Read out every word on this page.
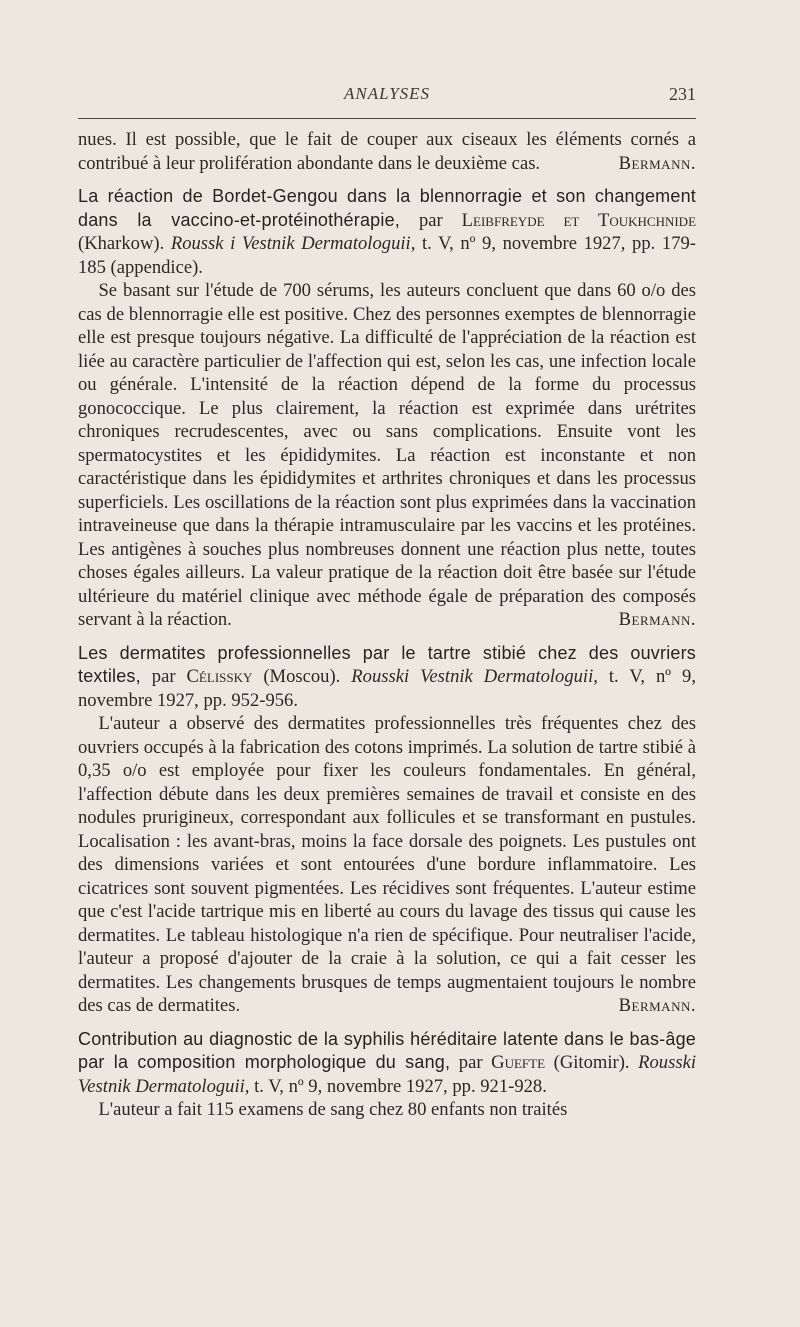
ANALYSES	231

nues. Il est possible, que le fait de couper aux ciseaux les éléments cornés a contribué à leur prolifération abondante dans le deuxième cas.	Bermann.

La réaction de Bordet-Gengou dans la blennorragie et son changement dans la vaccino-et-protéinothérapie, par Leibfreyde et Toukhchnide (Kharkow). Roussk i Vestnik Dermatologuii, t. V, nº 9, novembre 1927, pp. 179-185 (appendice).

Se basant sur l'étude de 700 sérums, les auteurs concluent que dans 60 o/o des cas de blennorragie elle est positive. Chez des personnes exemptes de blennorragie elle est presque toujours négative. La difficulté de l'appréciation de la réaction est liée au caractère particulier de l'affection qui est, selon les cas, une infection locale ou générale. L'intensité de la réaction dépend de la forme du processus gonococcique. Le plus clairement, la réaction est exprimée dans urétrites chroniques recrudescentes, avec ou sans complications. Ensuite vont les spermatocystites et les épididymites. La réaction est inconstante et non caractéristique dans les épididymites et arthrites chroniques et dans les processus superficiels. Les oscillations de la réaction sont plus exprimées dans la vaccination intraveineuse que dans la thérapie intramusculaire par les vaccins et les protéines. Les antigènes à souches plus nombreuses donnent une réaction plus nette, toutes choses égales ailleurs. La valeur pratique de la réaction doit être basée sur l'étude ultérieure du matériel clinique avec méthode égale de préparation des composés servant à la réaction.	Bermann.

Les dermatites professionnelles par le tartre stibié chez des ouvriers textiles, par Célissky (Moscou). Rousski Vestnik Dermatologuii, t. V, nº 9, novembre 1927, pp. 952-956.

L'auteur a observé des dermatites professionnelles très fréquentes chez des ouvriers occupés à la fabrication des cotons imprimés. La solution de tartre stibié à 0,35 o/o est employée pour fixer les couleurs fondamentales. En général, l'affection débute dans les deux premières semaines de travail et consiste en des nodules prurigineux, correspondant aux follicules et se transformant en pustules. Localisation : les avant-bras, moins la face dorsale des poignets. Les pustules ont des dimensions variées et sont entourées d'une bordure inflammatoire. Les cicatrices sont souvent pigmentées. Les récidives sont fréquentes. L'auteur estime que c'est l'acide tartrique mis en liberté au cours du lavage des tissus qui cause les dermatites. Le tableau histologique n'a rien de spécifique. Pour neutraliser l'acide, l'auteur a proposé d'ajouter de la craie à la solution, ce qui a fait cesser les dermatites. Les changements brusques de temps augmentaient toujours le nombre des cas de dermatites.	Bermann.

Contribution au diagnostic de la syphilis héréditaire latente dans le bas-âge par la composition morphologique du sang, par Guefte (Gitomir). Rousski Vestnik Dermatologuii, t. V, nº 9, novembre 1927, pp. 921-928.

L'auteur a fait 115 examens de sang chez 80 enfants non traités
